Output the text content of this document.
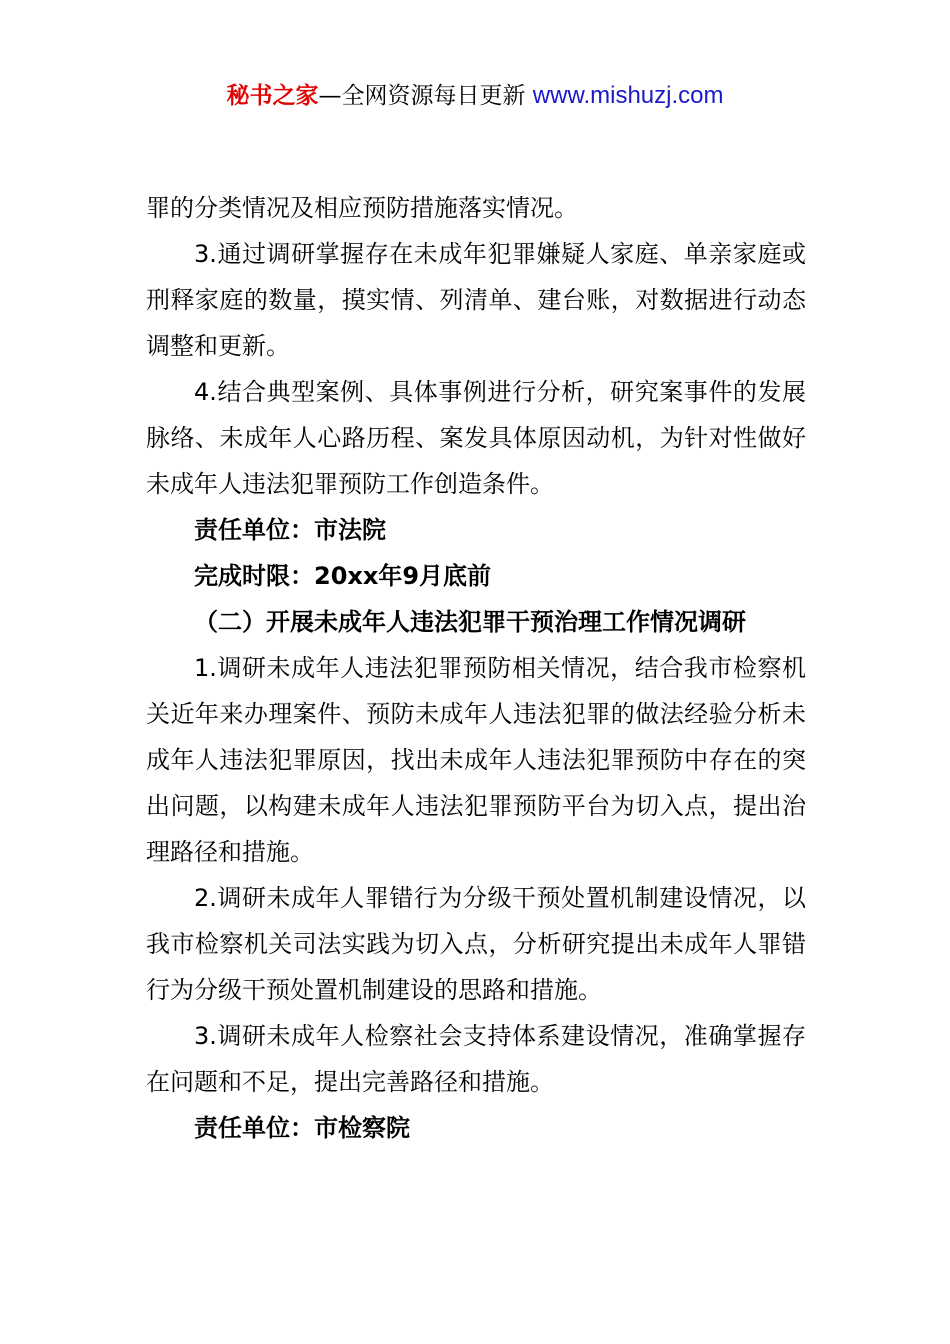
秘书之家—全网资源每日更新 www.mishuzj.com

罪的分类情况及相应预防措施落实情况。

3.通过调研掌握存在未成年犯罪嫌疑人家庭、单亲家庭或刑释家庭的数量，摸实情、列清单、建台账，对数据进行动态调整和更新。

4.结合典型案例、具体事例进行分析，研究案事件的发展脉络、未成年人心路历程、案发具体原因动机，为针对性做好未成年人违法犯罪预防工作创造条件。

责任单位：市法院

完成时限：20xx年9月底前

（二）开展未成年人违法犯罪干预治理工作情况调研

1.调研未成年人违法犯罪预防相关情况，结合我市检察机关近年来办理案件、预防未成年人违法犯罪的做法经验分析未成年人违法犯罪原因，找出未成年人违法犯罪预防中存在的突出问题，以构建未成年人违法犯罪预防平台为切入点，提出治理路径和措施。

2.调研未成年人罪错行为分级干预处置机制建设情况，以我市检察机关司法实践为切入点，分析研究提出未成年人罪错行为分级干预处置机制建设的思路和措施。

3.调研未成年人检察社会支持体系建设情况，准确掌握存在问题和不足，提出完善路径和措施。

责任单位：市检察院
